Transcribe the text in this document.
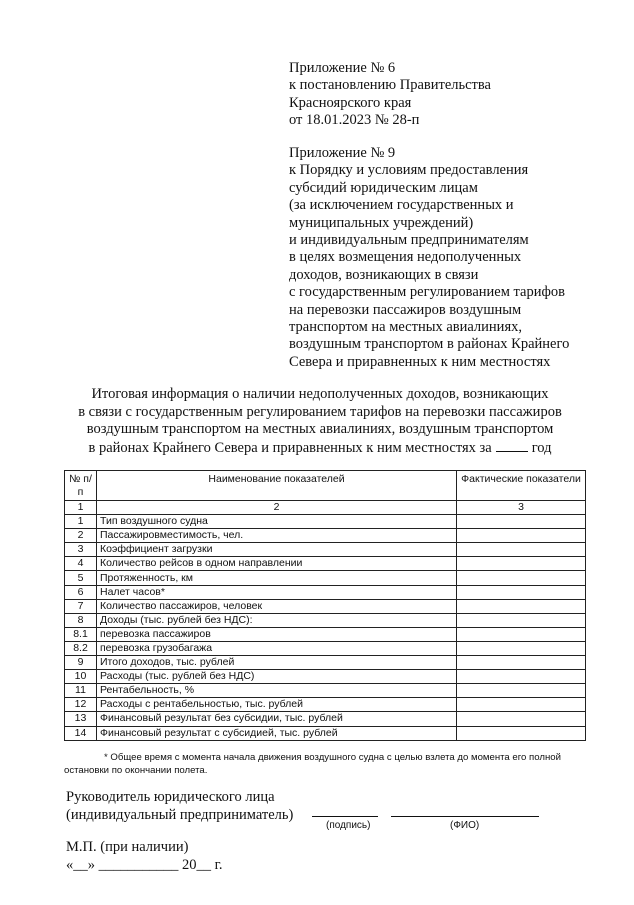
Приложение № 6
к постановлению Правительства
Красноярского края
от 18.01.2023 № 28-п
Приложение № 9
к Порядку и условиям предоставления
субсидий юридическим лицам
(за исключением государственных и
муниципальных учреждений)
и индивидуальным предпринимателям
в целях возмещения недополученных
доходов, возникающих в связи
с государственным регулированием тарифов
на перевозки пассажиров воздушным
транспортом на местных авиалиниях,
воздушным транспортом в районах Крайнего
Севера и приравненных к ним местностях
Итоговая информация о наличии недополученных доходов, возникающих
в связи с государственным регулированием тарифов на перевозки пассажиров
воздушным транспортом на местных авиалиниях, воздушным транспортом
в районах Крайнего Севера и приравненных к ним местностях за	год
№ п/п	Наименование показателей	Фактические показатели
1	2	3
1	Тип воздушного судна	
2	Пассажировместимость, чел.	
3	Коэффициент загрузки	
4	Количество рейсов в одном направлении	
5	Протяженность, км	
6	Налет часов*	
7	Количество пассажиров, человек	
8	Доходы (тыс. рублей без НДС):	
8.1	перевозка пассажиров	
8.2	перевозка грузобагажа	
9	Итого доходов, тыс. рублей	
10	Расходы (тыс. рублей без НДС)	
11	Рентабельность, %	
12	Расходы с рентабельностью, тыс. рублей	
13	Финансовый результат без субсидии, тыс. рублей	
14	Финансовый результат с субсидией, тыс. рублей	
* Общее время с момента начала движения воздушного судна с целью взлета до момента его полной
остановки по окончании полета.
Руководитель юридического лица
(индивидуальный предприниматель)
(подпись)	(ФИО)
М.П. (при наличии)
«__» ___________ 20__ г.
